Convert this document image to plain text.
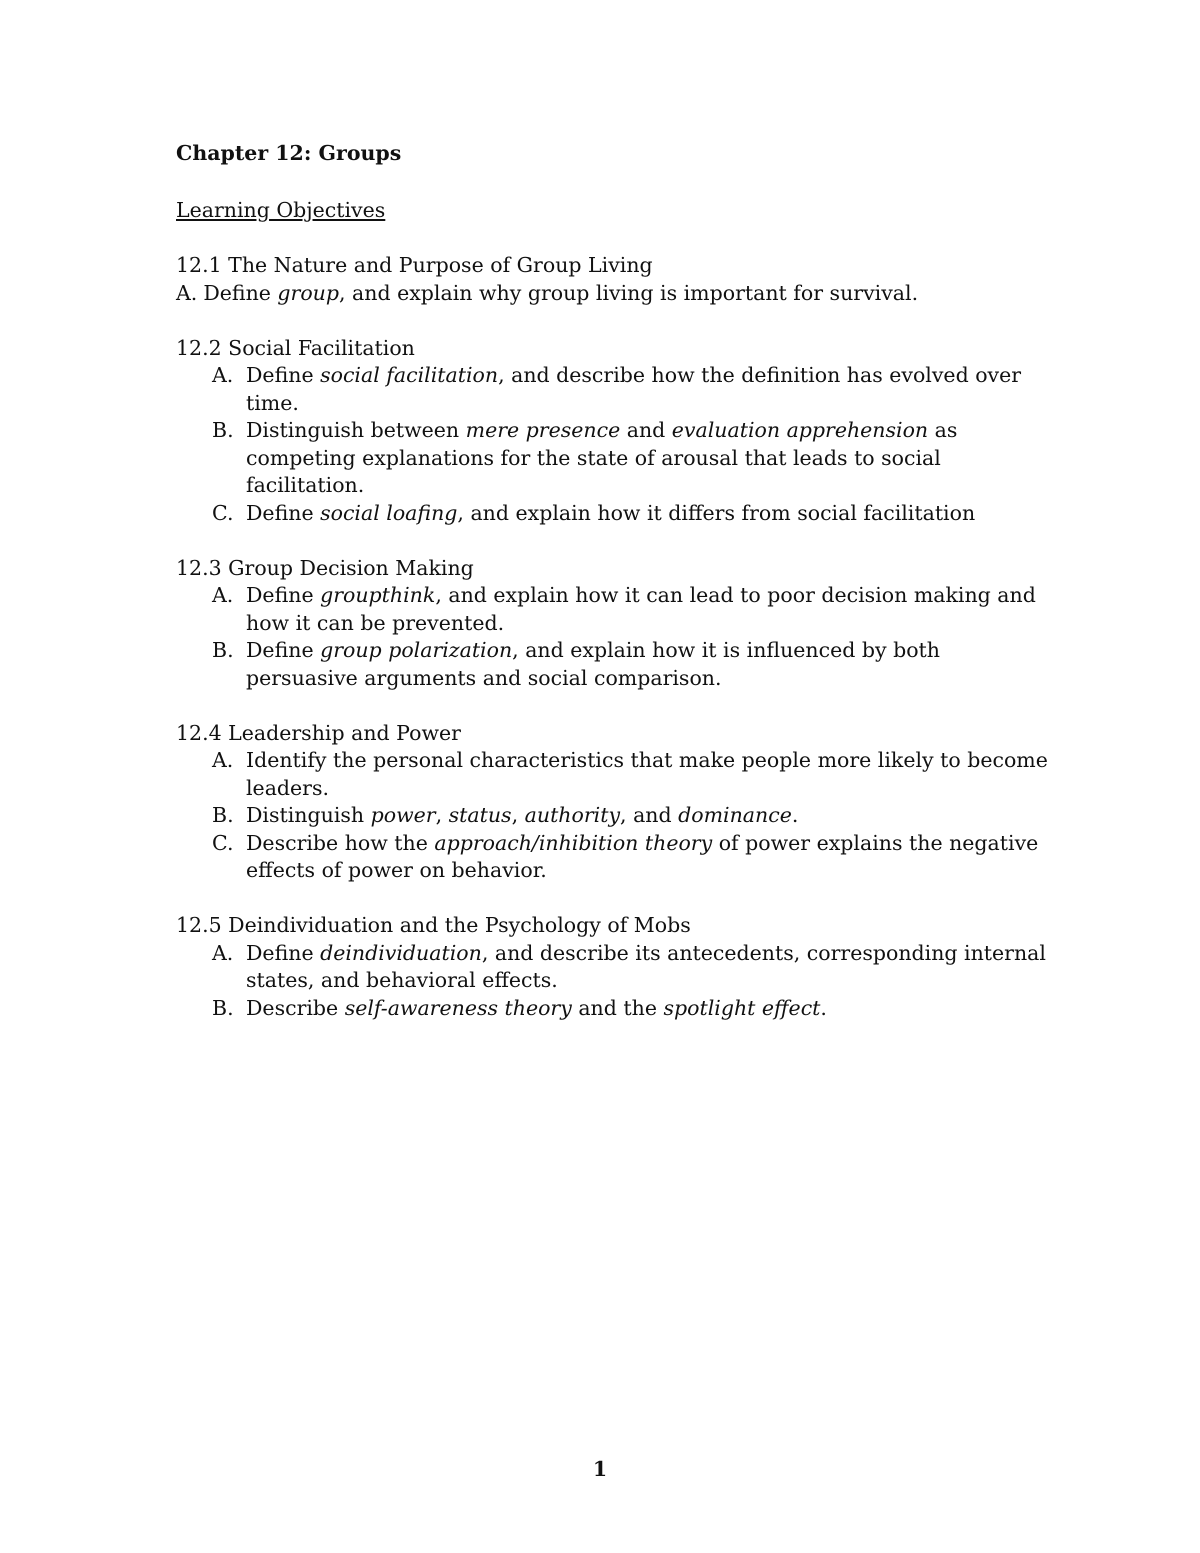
Chapter 12: Groups
Learning Objectives
12.1 The Nature and Purpose of Group Living
A. Define group, and explain why group living is important for survival.
12.2 Social Facilitation
A. Define social facilitation, and describe how the definition has evolved over time.
B. Distinguish between mere presence and evaluation apprehension as competing explanations for the state of arousal that leads to social facilitation.
C. Define social loafing, and explain how it differs from social facilitation
12.3 Group Decision Making
A. Define groupthink, and explain how it can lead to poor decision making and how it can be prevented.
B. Define group polarization, and explain how it is influenced by both persuasive arguments and social comparison.
12.4 Leadership and Power
A. Identify the personal characteristics that make people more likely to become leaders.
B. Distinguish power, status, authority, and dominance.
C. Describe how the approach/inhibition theory of power explains the negative effects of power on behavior.
12.5 Deindividuation and the Psychology of Mobs
A. Define deindividuation, and describe its antecedents, corresponding internal states, and behavioral effects.
B. Describe self-awareness theory and the spotlight effect.
1
